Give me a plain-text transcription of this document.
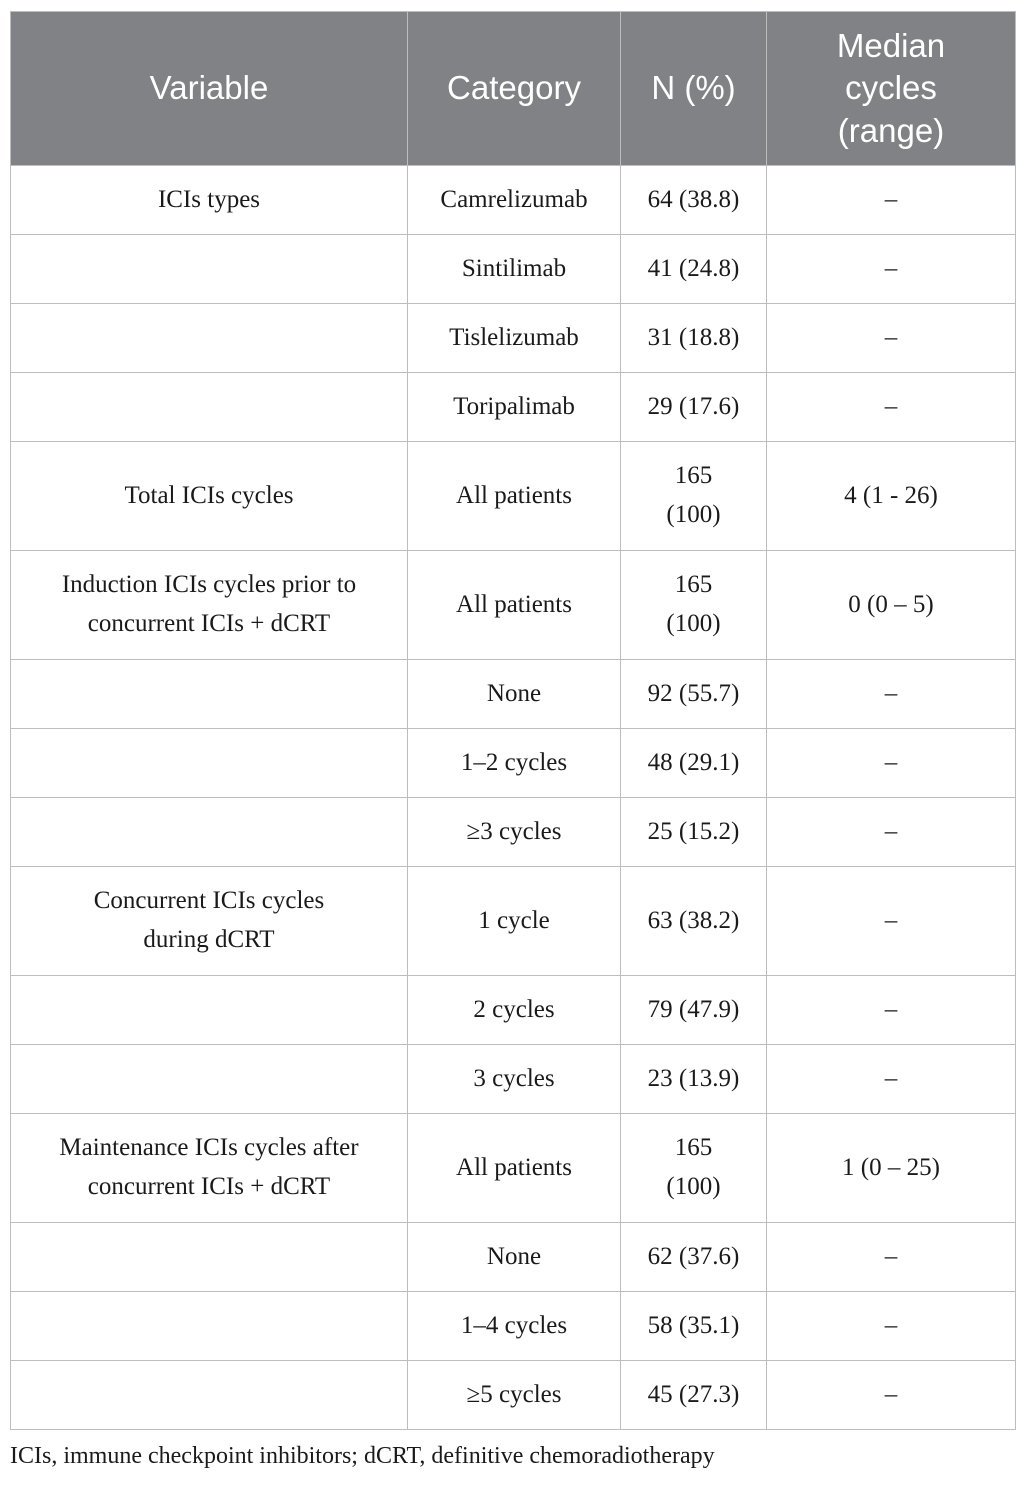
Variable	Category	N (%)	Median cycles (range)
ICIs types	Camrelizumab	64 (38.8)	–
	Sintilimab	41 (24.8)	–
	Tislelizumab	31 (18.8)	–
	Toripalimab	29 (17.6)	–
Total ICIs cycles	All patients	165 (100)	4 (1 - 26)
Induction ICIs cycles prior to concurrent ICIs + dCRT	All patients	165 (100)	0 (0 – 5)
	None	92 (55.7)	–
	1–2 cycles	48 (29.1)	–
	≥3 cycles	25 (15.2)	–
Concurrent ICIs cycles during dCRT	1 cycle	63 (38.2)	–
	2 cycles	79 (47.9)	–
	3 cycles	23 (13.9)	–
Maintenance ICIs cycles after concurrent ICIs + dCRT	All patients	165 (100)	1 (0 – 25)
	None	62 (37.6)	–
	1–4 cycles	58 (35.1)	–
	≥5 cycles	45 (27.3)	–
ICIs, immune checkpoint inhibitors; dCRT, definitive chemoradiotherapy
